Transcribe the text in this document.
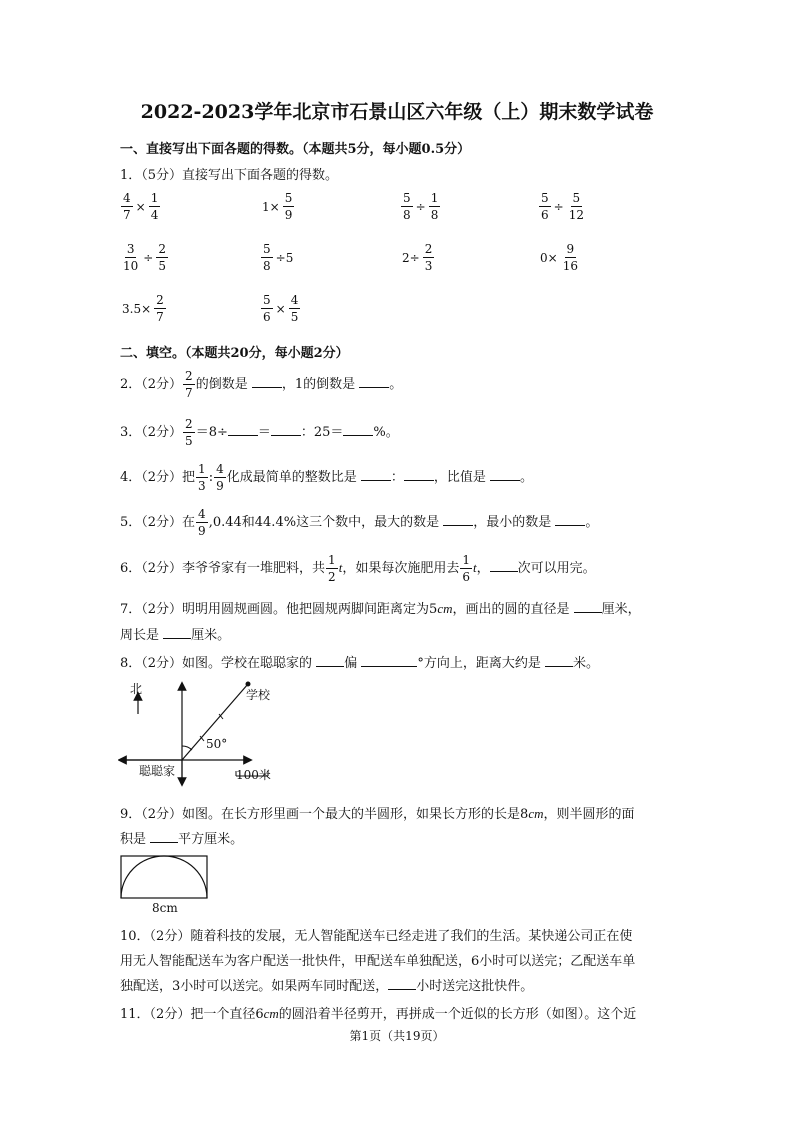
2022-2023学年北京市石景山区六年级（上）期末数学试卷
一、直接写出下面各题的得数。（本题共5分，每小题0.5分）
1．（5分）直接写出下面各题的得数。
$\frac{4}{7} \times \frac{1}{4}$	$1\times \frac{5}{9}$	$\frac{5}{8} \div \frac{1}{8}$	$\frac{5}{6} \div \frac{5}{12}$
$\frac{3}{10} \div \frac{2}{5}$	$\frac{5}{8} \div 5$	$2\div \frac{2}{3}$	$0\times \frac{9}{16}$
$3.5\times \frac{2}{7}$	$\frac{5}{6} \times \frac{4}{5}$
二、填空。（本题共20分，每小题2分）
2．（2分） $\frac{2}{7}$ 的倒数是	，1的倒数是	。
3．（2分） $\frac{2}{5} =8\div$ ＝ ：25＝ %。
4．（2分）把 $\frac{1}{3}$ : $\frac{4}{9}$ 化成最简单的整数比是	： ，比值是	。
5．（2分）在 $\frac{4}{9} ,0.44$和44.4%这三个数中，最大的数是	，最小的数是	。
6．（2分）李爷爷家有一堆肥料，共 $\frac{1}{2}$ t，如果每次施肥用去 $\frac{1}{6}$ t， 次可以用完。
7．（2分）明明用圆规画圆。他把圆规两脚间距离定为5cm，画出的圆的直径是 厘米，
周长是 厘米。
8．（2分）如图。学校在聪聪家的 偏	°方向上，距离大约是 米。
北	学校
50°
聪聪家	100米
9．（2分）如图。在长方形里画一个最大的半圆形，如果长方形的长是8cm，则半圆形的面
积是 平方厘米。
8cm
10．（2分）随着科技的发展，无人智能配送车已经走进了我们的生活。某快递公司正在使
用无人智能配送车为客户配送一批快件，甲配送车单独配送，6小时可以送完；乙配送车单
独配送，3小时可以送完。如果两车同时配送， 小时送完这批快件。
11．（2分）把一个直径6cm的圆沿着半径剪开，再拼成一个近似的长方形（如图）。这个近
第1页（共19页）
